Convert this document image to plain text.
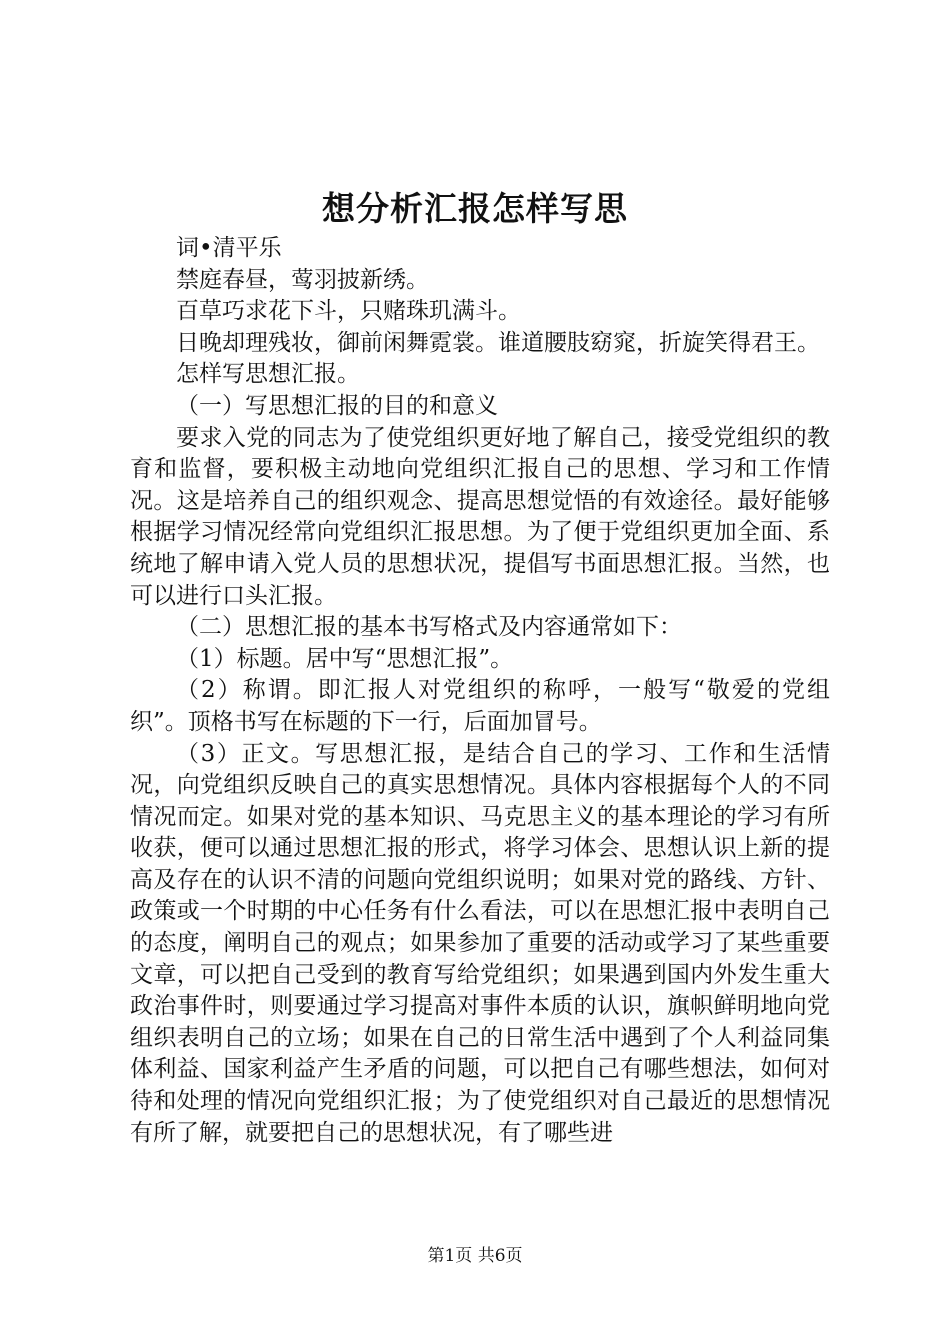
想分析汇报怎样写思

词•清平乐

禁庭春昼，莺羽披新绣。

百草巧求花下斗，只赌珠玑满斗。

日晚却理残妆，御前闲舞霓裳。谁道腰肢窈窕，折旋笑得君王。

怎样写思想汇报。

（一）写思想汇报的目的和意义

要求入党的同志为了使党组织更好地了解自己，接受党组织的教育和监督，要积极主动地向党组织汇报自己的思想、学习和工作情况。这是培养自己的组织观念、提高思想觉悟的有效途径。最好能够根据学习情况经常向党组织汇报思想。为了便于党组织更加全面、系统地了解申请入党人员的思想状况，提倡写书面思想汇报。当然，也可以进行口头汇报。

（二）思想汇报的基本书写格式及内容通常如下：

（1）标题。居中写“思想汇报”。

（2）称谓。即汇报人对党组织的称呼，一般写“敬爱的党组织”。顶格书写在标题的下一行，后面加冒号。

（3）正文。写思想汇报，是结合自己的学习、工作和生活情况，向党组织反映自己的真实思想情况。具体内容根据每个人的不同情况而定。如果对党的基本知识、马克思主义的基本理论的学习有所收获，便可以通过思想汇报的形式，将学习体会、思想认识上新的提高及存在的认识不清的问题向党组织说明；如果对党的路线、方针、政策或一个时期的中心任务有什么看法，可以在思想汇报中表明自己的态度，阐明自己的观点；如果参加了重要的活动或学习了某些重要文章，可以把自己受到的教育写给党组织；如果遇到国内外发生重大政治事件时，则要通过学习提高对事件本质的认识，旗帜鲜明地向党组织表明自己的立场；如果在自己的日常生活中遇到了个人利益同集体利益、国家利益产生矛盾的问题，可以把自己有哪些想法，如何对待和处理的情况向党组织汇报；为了使党组织对自己最近的思想情况有所了解，就要把自己的思想状况，有了哪些进

第1页 共6页
